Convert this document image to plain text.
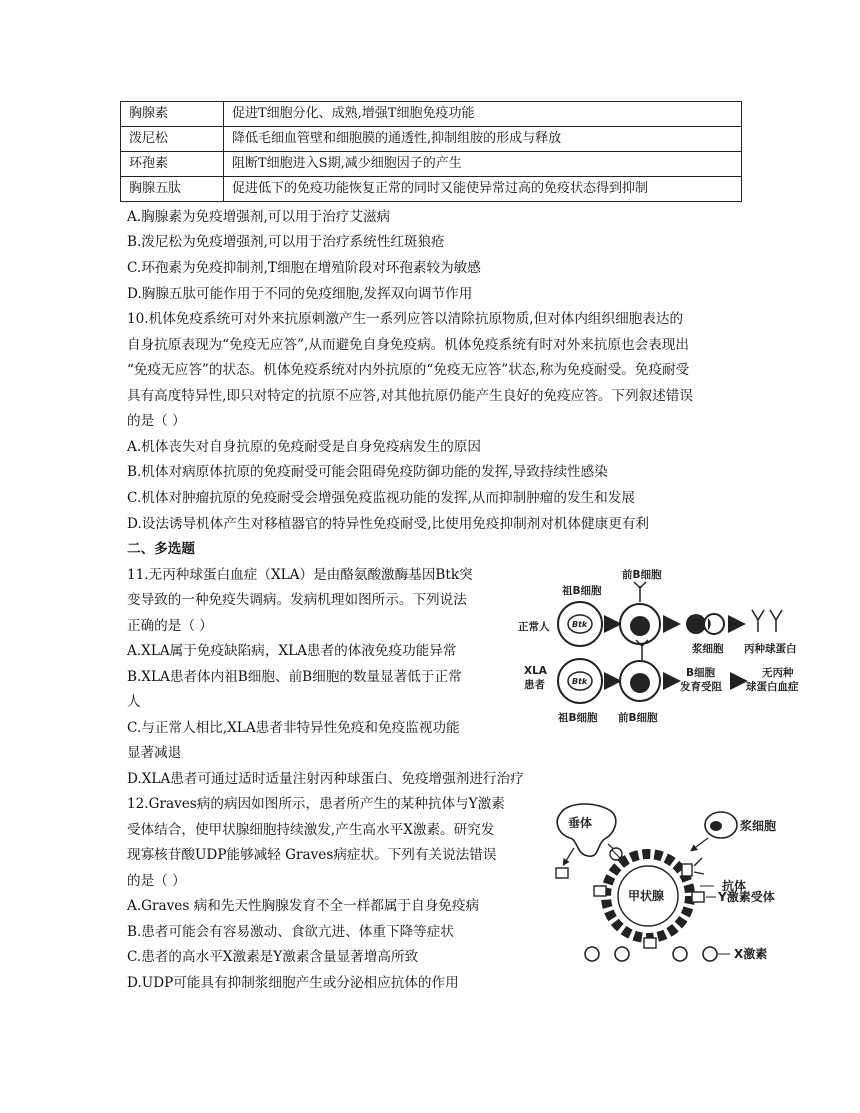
胸腺素	促进T细胞分化、成熟,增强T细胞免疫功能
泼尼松	降低毛细血管壁和细胞膜的通透性,抑制组胺的形成与释放
环孢素	阻断T细胞进入S期,减少细胞因子的产生
胸腺五肽	促进低下的免疫功能恢复正常的同时又能使异常过高的免疫状态得到抑制
A.胸腺素为免疫增强剂,可以用于治疗艾滋病
B.泼尼松为免疫增强剂,可以用于治疗系统性红斑狼疮
C.环孢素为免疫抑制剂,T细胞在增殖阶段对环孢素较为敏感
D.胸腺五肽可能作用于不同的免疫细胞,发挥双向调节作用
10.机体免疫系统可对外来抗原刺激产生一系列应答以清除抗原物质,但对体内组织细胞表达的
自身抗原表现为“免疫无应答”,从而避免自身免疫病。机体免疫系统有时对外来抗原也会表现出
“免疫无应答”的状态。机体免疫系统对内外抗原的“免疫无应答”状态,称为免疫耐受。免疫耐受
具有高度特异性,即只对特定的抗原不应答,对其他抗原仍能产生良好的免疫应答。下列叙述错误
的是（ ）
A.机体丧失对自身抗原的免疫耐受是自身免疫病发生的原因
B.机体对病原体抗原的免疫耐受可能会阻碍免疫防御功能的发挥,导致持续性感染
C.机体对肿瘤抗原的免疫耐受会增强免疫监视功能的发挥,从而抑制肿瘤的发生和发展
D.设法诱导机体产生对移植器官的特异性免疫耐受,比使用免疫抑制剂对机体健康更有利
二、多选题
11.无丙种球蛋白血症（XLA）是由酪氨酸激酶基因Btk突
变导致的一种免疫失调病。发病机理如图所示。下列说法
正确的是（ ）
A.XLA属于免疫缺陷病，XLA患者的体液免疫功能异常
B.XLA患者体内祖B细胞、前B细胞的数量显著低于正常
人
C.与正常人相比,XLA患者非特异性免疫和免疫监视功能
显著减退
D.XLA患者可通过适时适量注射丙种球蛋白、免疫增强剂进行治疗
前B细胞
祖B细胞
正常人
XLA
患者
浆细胞 丙种球蛋白
B细胞
发育受阻
无丙种
球蛋白血症
祖B细胞 前B细胞
Btk
Btk
12.Graves病的病因如图所示，患者所产生的某种抗体与Y激素
受体结合，使甲状腺细胞持续激发,产生高水平X激素。研究发
现寡核苷酸UDP能够减轻 Graves病症状。下列有关说法错误
的是（ ）
A.Graves 病和先天性胸腺发育不全一样都属于自身免疫病
B.患者可能会有容易激动、食欲亢进、体重下降等症状
C.患者的高水平X激素是Y激素含量显著增高所致
D.UDP可能具有抑制浆细胞产生或分泌相应抗体的作用
垂体	浆细胞
抗体
甲状腺	Y激素受体
X激素
